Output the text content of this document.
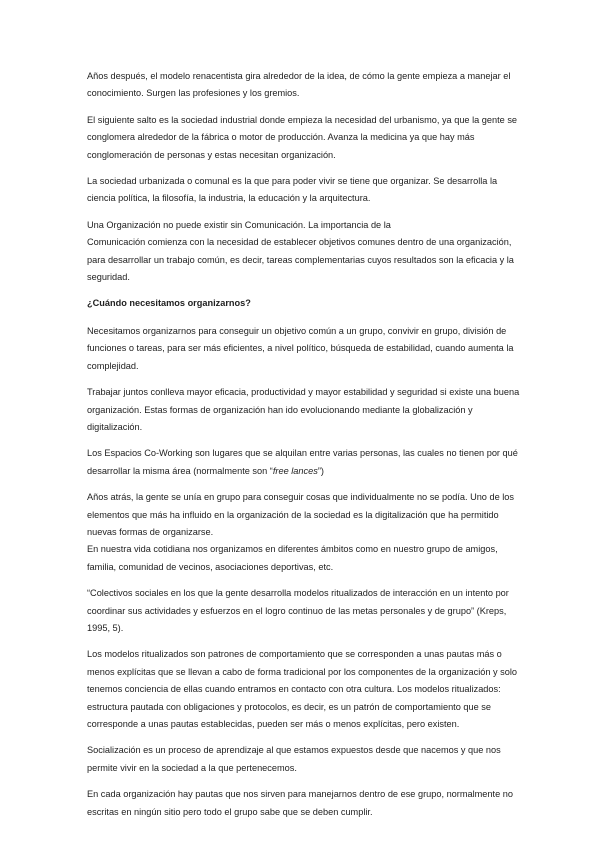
Años después, el modelo renacentista gira alrededor de la idea, de cómo la gente empieza a manejar el conocimiento. Surgen las profesiones y los gremios.

El siguiente salto es la sociedad industrial donde empieza la necesidad del urbanismo, ya que la gente se conglomera alrededor de la fábrica o motor de producción. Avanza la medicina ya que hay más conglomeración de personas y estas necesitan organización.

La sociedad urbanizada o comunal es la que para poder vivir se tiene que organizar. Se desarrolla la ciencia política, la filosofía, la industria, la educación y la arquitectura.

Una Organización no puede existir sin Comunicación. La importancia de la
Comunicación comienza con la necesidad de establecer objetivos comunes dentro de una organización, para desarrollar un trabajo común, es decir, tareas complementarias cuyos resultados son la eficacia y la seguridad.

¿Cuándo necesitamos organizarnos?

Necesitamos organizarnos para conseguir un objetivo común a un grupo, convivir en grupo, división de funciones o tareas, para ser más eficientes, a nivel político, búsqueda de estabilidad, cuando aumenta la complejidad.

Trabajar juntos conlleva mayor eficacia, productividad y mayor estabilidad y seguridad si existe una buena organización. Estas formas de organización han ido evolucionando mediante la globalización y digitalización.

Los Espacios Co-Working son lugares que se alquilan entre varias personas, las cuales no tienen por qué desarrollar la misma área (normalmente son “free lances”)

Años atrás, la gente se unía en grupo para conseguir cosas que individualmente no se podía. Uno de los elementos que más ha influido en la organización de la sociedad es la digitalización que ha permitido nuevas formas de organizarse.
En nuestra vida cotidiana nos organizamos en diferentes ámbitos como en nuestro grupo de amigos, familia, comunidad de vecinos, asociaciones deportivas, etc.

“Colectivos sociales en los que la gente desarrolla modelos ritualizados de interacción en un intento por coordinar sus actividades y esfuerzos en el logro continuo de las metas personales y de grupo” (Kreps, 1995, 5).

Los modelos ritualizados son patrones de comportamiento que se corresponden a unas pautas más o menos explícitas que se llevan a cabo de forma tradicional por los componentes de la organización y solo tenemos conciencia de ellas cuando entramos en contacto con otra cultura. Los modelos ritualizados: estructura pautada con obligaciones y protocolos, es decir, es un patrón de comportamiento que se corresponde a unas pautas establecidas, pueden ser más o menos explícitas, pero existen.

Socialización es un proceso de aprendizaje al que estamos expuestos desde que nacemos y que nos permite vivir en la sociedad a la que pertenecemos.

En cada organización hay pautas que nos sirven para manejarnos dentro de ese grupo, normalmente no escritas en ningún sitio pero todo el grupo sabe que se deben cumplir.
